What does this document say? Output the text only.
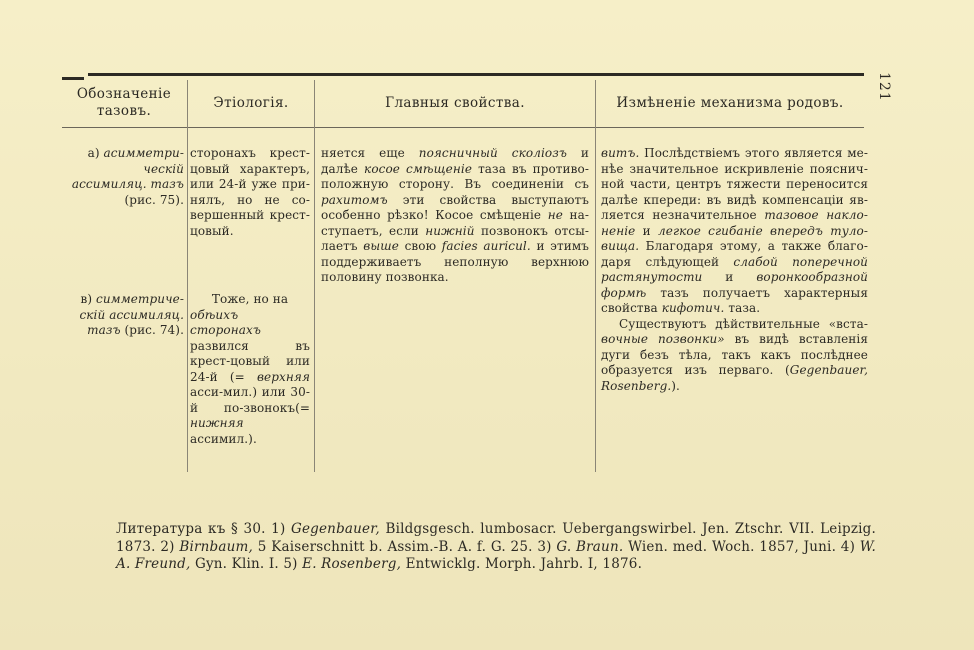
121
Обозначеніе тазовъ.
Этіологія.	Главныя свойства.	Измѣненіе механизма родовъ.
а) асимметри-ческій ассимиляц. тазъ (рис. 75).
в) симметриче-скій ассимиляц. тазъ (рис. 74).
сторонахъ крест-цовый характеръ, или 24-й уже при-нялъ, но не со-вершенный крест-цовый.
Тоже, но на
обѣихъ сторонахъ развился въ крест-цовый или 24-й (= верхняя асси-мил.) или 30-й по-звонокъ(= нижняя ассимил.).
няется еще поясничный сколіозъ и далѣе косое смѣщеніе таза въ противо-положную сторону. Въ соединеніи съ рахитомъ эти свойства выступаютъ особенно рѣзко! Косое смѣщеніе не на-ступаетъ, если нижній позвонокъ отсы-лаетъ выше свою facies auricul. и этимъ поддерживаетъ неполную верхнюю половину позвонка.

витъ. Послѣдствіемъ этого является ме-нѣе значительное искривленіе пояснич-ной части, центръ тяжести переносится далѣе кпереди: въ видѣ компенсаціи яв-ляется незначительное тазовое накло-неніе и легкое сгибаніе впередъ туло-вища. Благодаря этому, а также благо-даря слѣдующей слабой поперечной растянутости и воронкообразной формѣ тазъ получаетъ характерныя свойства кифотич. таза.

Существуютъ дѣйствительные «вста- вочные позвонки» въ видѣ вставленія дуги безъ тѣла, такъ какъ послѣднее образуется изъ перваго. (Gegenbauer, Rosenberg.).

Литература къ § 30. 1) Gegenbauer, Bildgsgesch. lumbosacr. Uebergangswirbel. Jen. Ztschr. VII. Leipzig. 1873. 2) Birnbaum, 5 Kaiserschnitt b. Assim.-B. A. f. G. 25. 3) G. Braun. Wien. med. Woch. 1857, Juni. 4) W. A. Freund, Gyn. Klin. I. 5) E. Rosenberg, Entwicklg. Morph. Jahrb. I, 1876.
